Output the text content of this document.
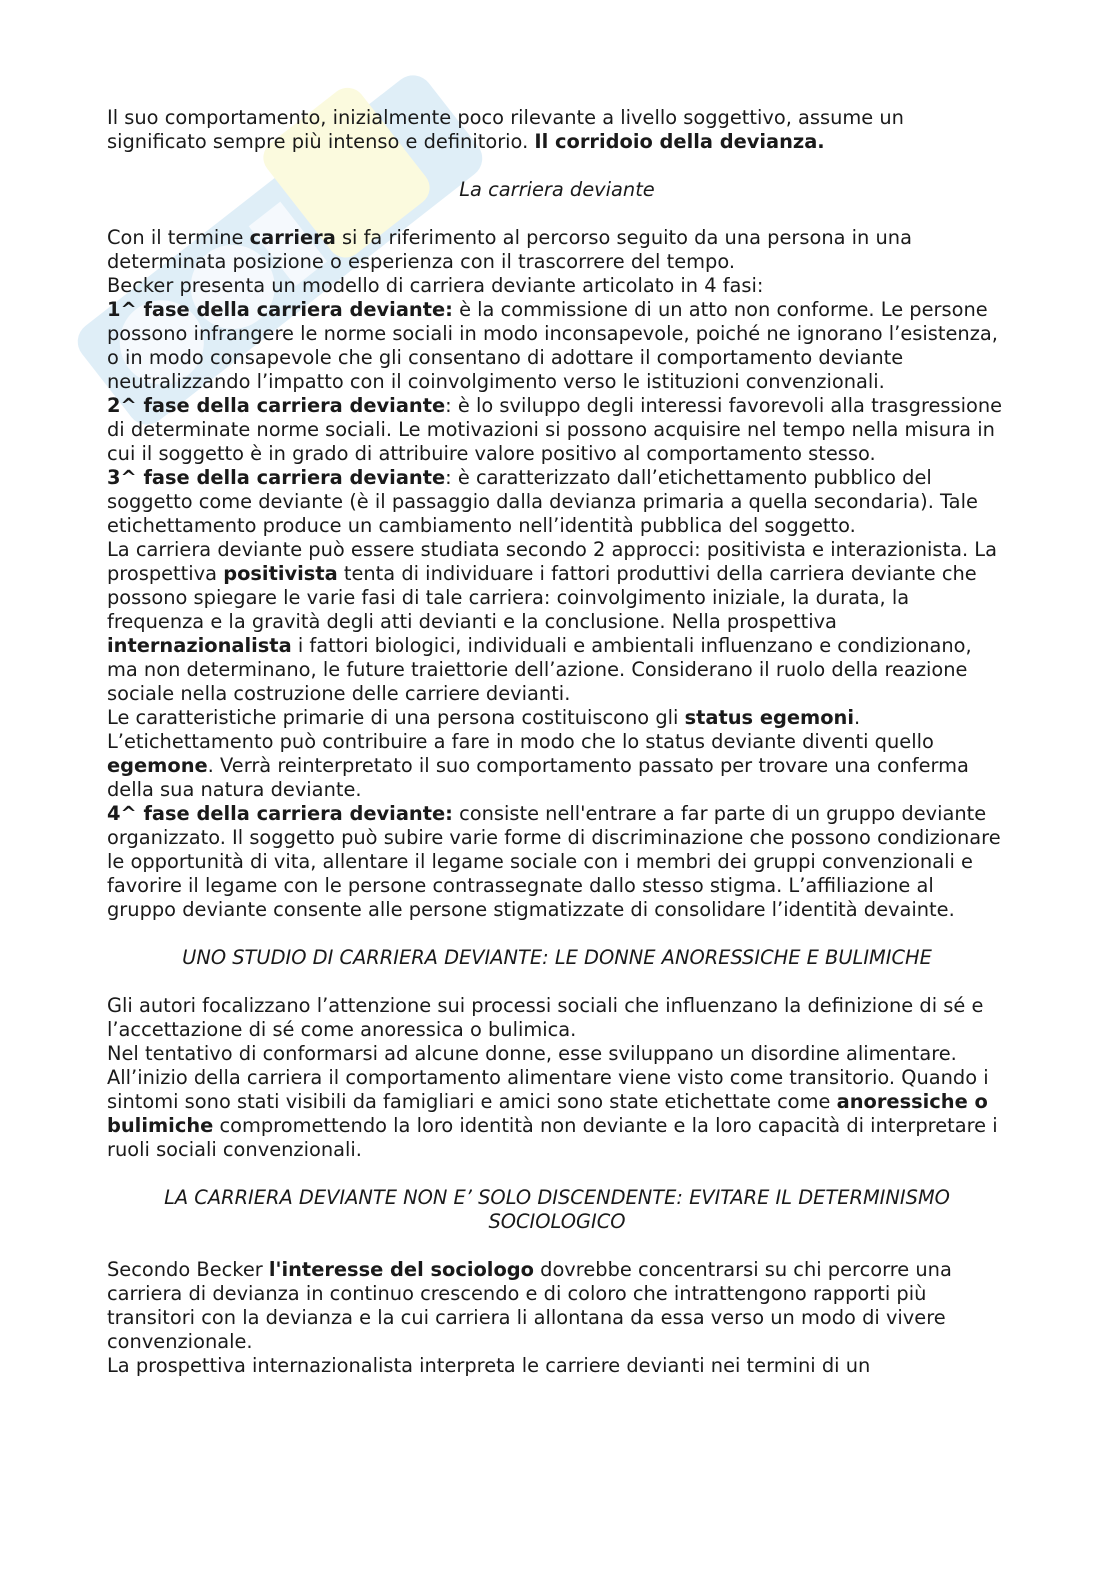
Il suo comportamento, inizialmente poco rilevante a livello soggettivo, assume un significato sempre più intenso e definitorio. Il corridoio della devianza.

La carriera deviante

Con il termine carriera si fa riferimento al percorso seguito da una persona in una determinata posizione o esperienza con il trascorrere del tempo.

Becker presenta un modello di carriera deviante articolato in 4 fasi:

1^ fase della carriera deviante: è la commissione di un atto non conforme. Le persone possono infrangere le norme sociali in modo inconsapevole, poiché ne ignorano l’esistenza, o in modo consapevole che gli consentano di adottare il comportamento deviante neutralizzando l’impatto con il coinvolgimento verso le istituzioni convenzionali.

2^ fase della carriera deviante: è lo sviluppo degli interessi favorevoli alla trasgressione di determinate norme sociali. Le motivazioni si possono acquisire nel tempo nella misura in cui il soggetto è in grado di attribuire valore positivo al comportamento stesso.

3^ fase della carriera deviante: è caratterizzato dall’etichettamento pubblico del soggetto come deviante (è il passaggio dalla devianza primaria a quella secondaria). Tale etichettamento produce un cambiamento nell’identità pubblica del soggetto.

La carriera deviante può essere studiata secondo 2 approcci: positivista e interazionista. La prospettiva positivista tenta di individuare i fattori produttivi della carriera deviante che possono spiegare le varie fasi di tale carriera: coinvolgimento iniziale, la durata, la frequenza e la gravità degli atti devianti e la conclusione. Nella prospettiva internazionalista i fattori biologici, individuali e ambientali influenzano e condizionano, ma non determinano, le future traiettorie dell’azione. Considerano il ruolo della reazione sociale nella costruzione delle carriere devianti.

Le caratteristiche primarie di una persona costituiscono gli status egemoni. L’etichettamento può contribuire a fare in modo che lo status deviante diventi quello egemone. Verrà reinterpretato il suo comportamento passato per trovare una conferma della sua natura deviante.

4^ fase della carriera deviante: consiste nell'entrare a far parte di un gruppo deviante organizzato. Il soggetto può subire varie forme di discriminazione che possono condizionare le opportunità di vita, allentare il legame sociale con i membri dei gruppi convenzionali e favorire il legame con le persone contrassegnate dallo stesso stigma. L’affiliazione al gruppo deviante consente alle persone stigmatizzate di consolidare l’identità devainte.

UNO STUDIO DI CARRIERA DEVIANTE: LE DONNE ANORESSICHE E BULIMICHE

Gli autori focalizzano l’attenzione sui processi sociali che influenzano la definizione di sé e l’accettazione di sé come anoressica o bulimica.

Nel tentativo di conformarsi ad alcune donne, esse sviluppano un disordine alimentare. All’inizio della carriera il comportamento alimentare viene visto come transitorio. Quando i sintomi sono stati visibili da famigliari e amici sono state etichettate come anoressiche o bulimiche compromettendo la loro identità non deviante e la loro capacità di interpretare i ruoli sociali convenzionali.

LA CARRIERA DEVIANTE NON E’ SOLO DISCENDENTE: EVITARE IL DETERMINISMO SOCIOLOGICO

Secondo Becker l'interesse del sociologo dovrebbe concentrarsi su chi percorre una carriera di devianza in continuo crescendo e di coloro che intrattengono rapporti più transitori con la devianza e la cui carriera li allontana da essa verso un modo di vivere convenzionale.

La prospettiva internazionalista interpreta le carriere devianti nei termini di un
